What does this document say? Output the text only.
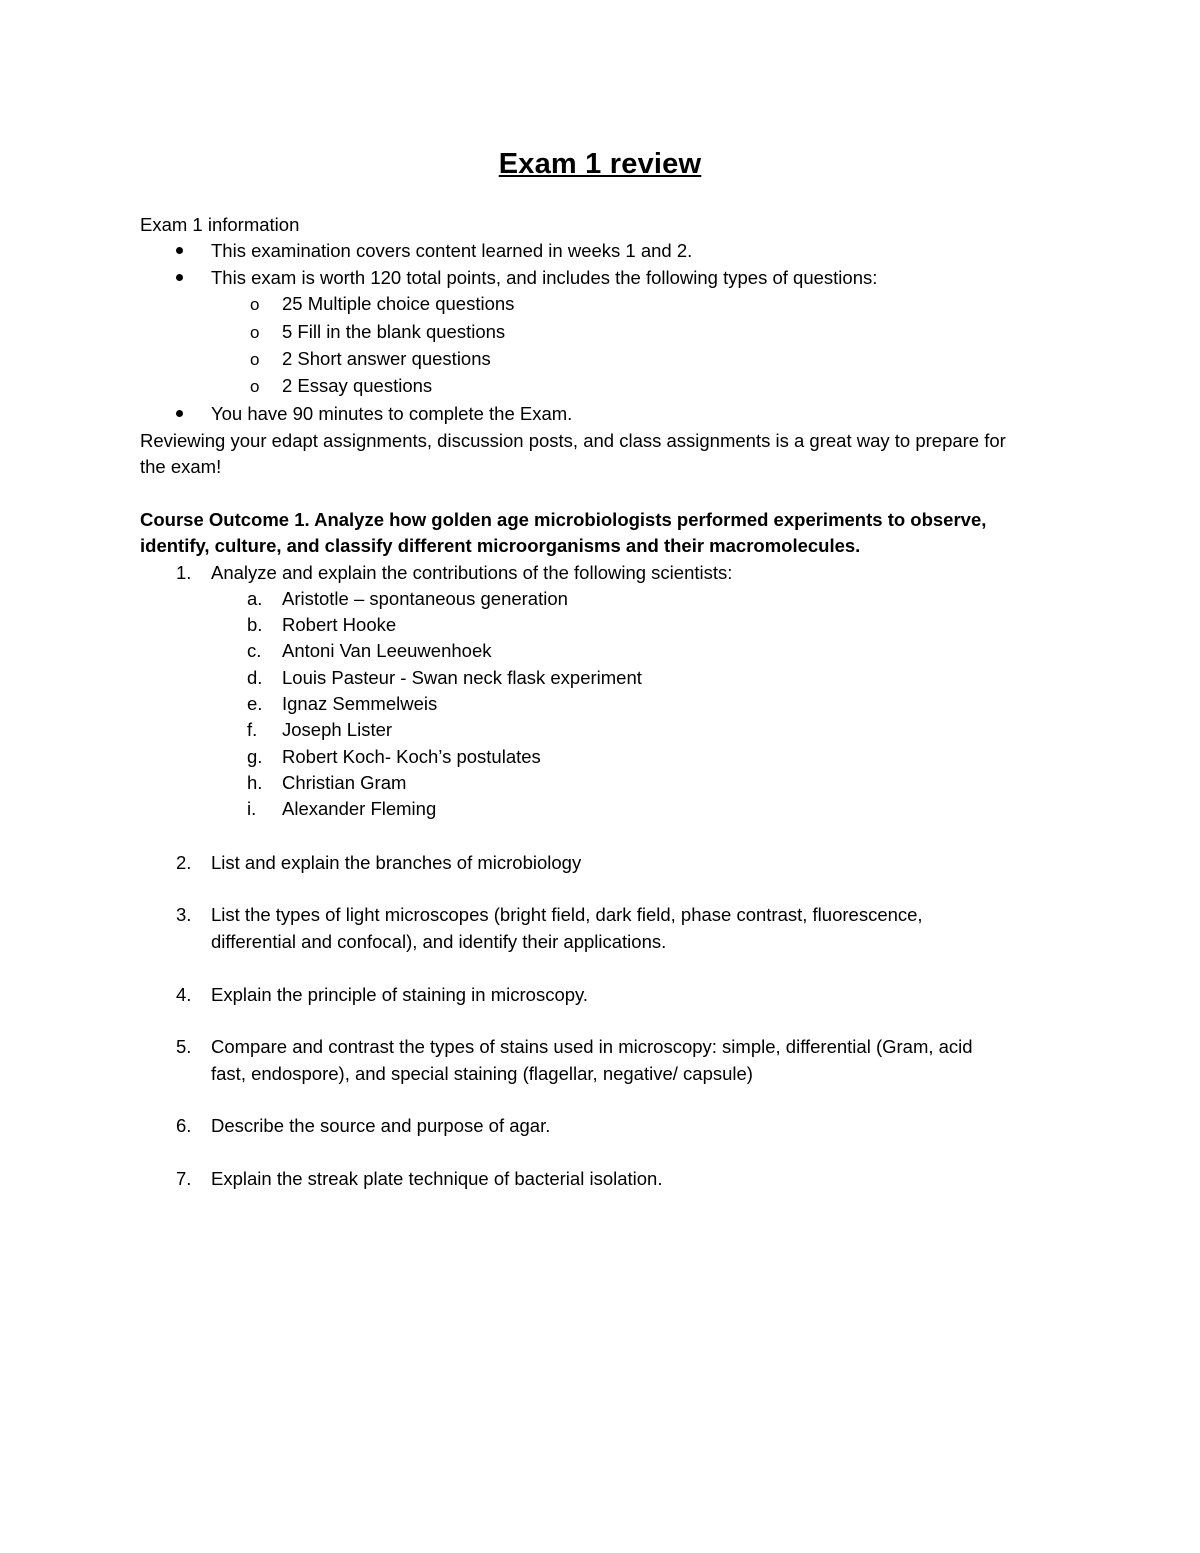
Exam 1 review
Exam 1 information
This examination covers content learned in weeks 1 and 2.
This exam is worth 120 total points, and includes the following types of questions:
o 25 Multiple choice questions
o 5 Fill in the blank questions
o 2 Short answer questions
o 2 Essay questions
You have 90 minutes to complete the Exam.
Reviewing your edapt assignments, discussion posts, and class assignments is a great way to prepare for
the exam!
Course Outcome 1. Analyze how golden age microbiologists performed experiments to observe,
identify, culture, and classify different microorganisms and their macromolecules.
1. Analyze and explain the contributions of the following scientists:
a. Aristotle – spontaneous generation
b. Robert Hooke
c. Antoni Van Leeuwenhoek
d. Louis Pasteur - Swan neck flask experiment
e. Ignaz Semmelweis
f. Joseph Lister
g. Robert Koch- Koch’s postulates
h. Christian Gram
i. Alexander Fleming
2. List and explain the branches of microbiology
3. List the types of light microscopes (bright field, dark field, phase contrast, fluorescence,
differential and confocal), and identify their applications.
4. Explain the principle of staining in microscopy.
5. Compare and contrast the types of stains used in microscopy: simple, differential (Gram, acid
fast, endospore), and special staining (flagellar, negative/ capsule)
6. Describe the source and purpose of agar.
7. Explain the streak plate technique of bacterial isolation.
